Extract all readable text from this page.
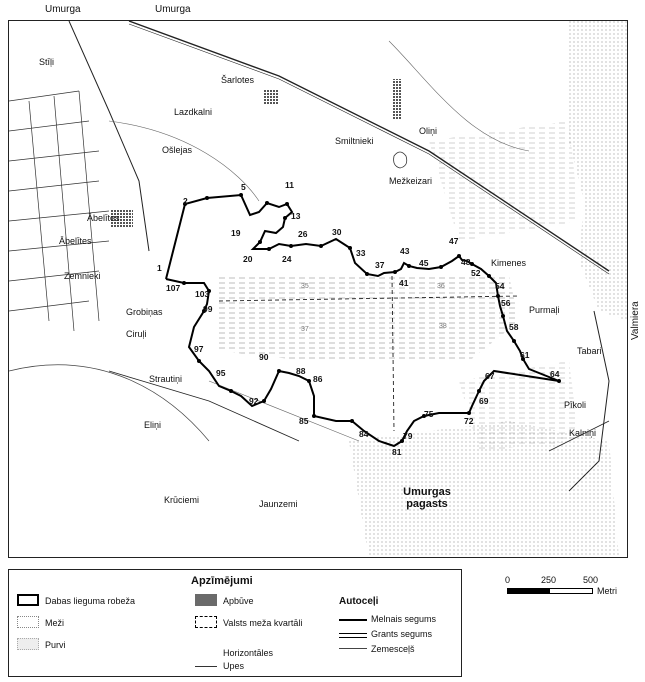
Umurga	Umurga
Stīļi
Šarlotes
Lazdkalni
Ošlejas
Smiltnieki
Oliņi
Mežkeizari
Ābelītes
Ābelītes
Zemnieki
Grobiņas
Ciruļi
Strautiņi
Eliņi
Kimenes
Purmaļi
Tabari
Pīkoli
Kalniņi
Krūciemi	Jaunzemi
Umurgas
pagasts
35	36
37	38
1
2
5	11
13
19
20	24
26	30
33
37
41
43
45
47
48
52
54
56
58
61
64
67
69
72
75
79
81
84
85
86
88
90
92
95
97
99
103
107
Valmiera
Apzīmējumi
Dabas lieguma robeža	Apbūve
Meži	Valsts meža kvartāli
Purvi
Horizontāles
Upes
Autoceļi
Melnais segums
Grants segums
Zemesceļš
0	250	500
Metri
